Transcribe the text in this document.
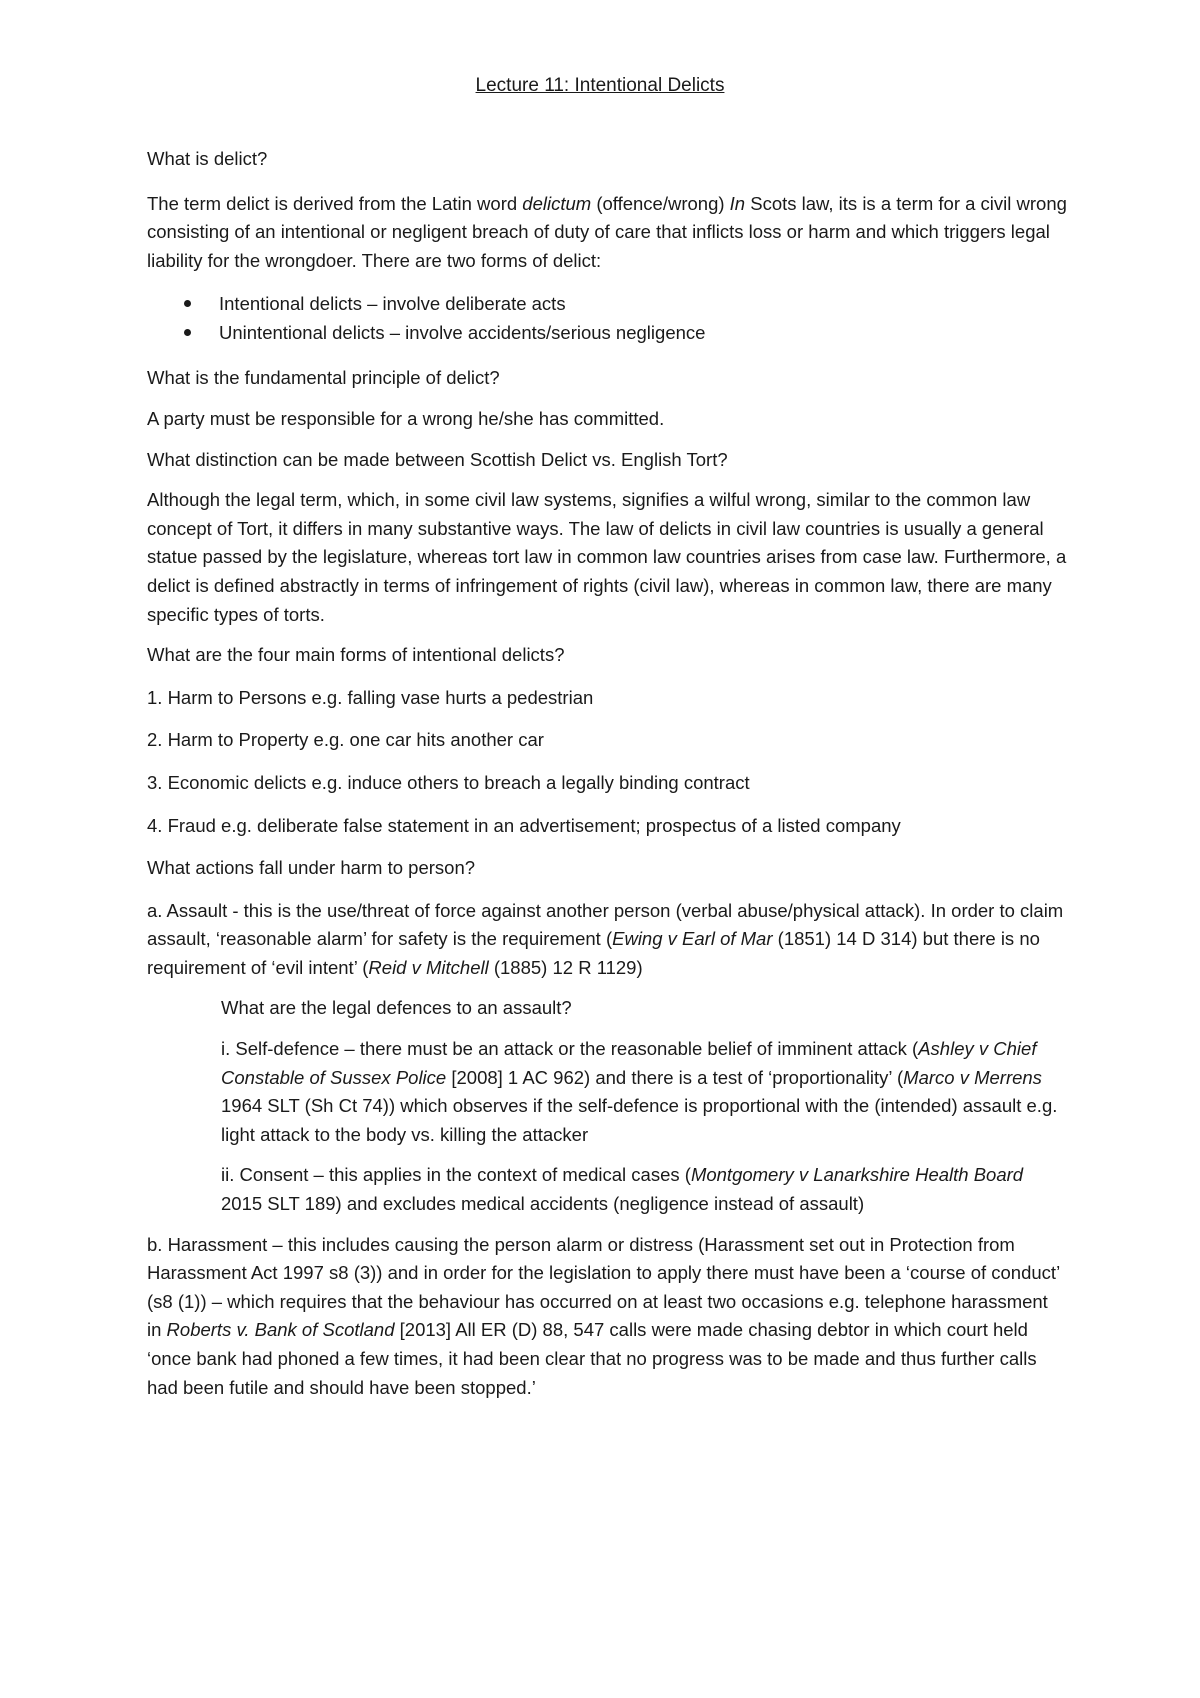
Lecture 11: Intentional Delicts

What is delict?

The term delict is derived from the Latin word delictum (offence/wrong) In Scots law, its is a term for a civil wrong consisting of an intentional or negligent breach of duty of care that inflicts loss or harm and which triggers legal liability for the wrongdoer. There are two forms of delict:

Intentional delicts – involve deliberate acts
Unintentional delicts – involve accidents/serious negligence

What is the fundamental principle of delict?

A party must be responsible for a wrong he/she has committed.

What distinction can be made between Scottish Delict vs. English Tort?

Although the legal term, which, in some civil law systems, signifies a wilful wrong, similar to the common law concept of Tort, it differs in many substantive ways. The law of delicts in civil law countries is usually a general statue passed by the legislature, whereas tort law in common law countries arises from case law. Furthermore, a delict is defined abstractly in terms of infringement of rights (civil law), whereas in common law, there are many specific types of torts.

What are the four main forms of intentional delicts?

1. Harm to Persons e.g. falling vase hurts a pedestrian

2. Harm to Property e.g. one car hits another car

3. Economic delicts e.g. induce others to breach a legally binding contract

4. Fraud e.g. deliberate false statement in an advertisement; prospectus of a listed company

What actions fall under harm to person?

a. Assault - this is the use/threat of force against another person (verbal abuse/physical attack). In order to claim assault, ‘reasonable alarm’ for safety is the requirement (Ewing v Earl of Mar (1851) 14 D 314) but there is no requirement of ‘evil intent’ (Reid v Mitchell (1885) 12 R 1129)

What are the legal defences to an assault?

i. Self-defence – there must be an attack or the reasonable belief of imminent attack (Ashley v Chief Constable of Sussex Police [2008] 1 AC 962) and there is a test of ‘proportionality’ (Marco v Merrens 1964 SLT (Sh Ct 74)) which observes if the self-defence is proportional with the (intended) assault e.g. light attack to the body vs. killing the attacker

ii. Consent – this applies in the context of medical cases (Montgomery v Lanarkshire Health Board 2015 SLT 189) and excludes medical accidents (negligence instead of assault)

b. Harassment – this includes causing the person alarm or distress (Harassment set out in Protection from Harassment Act 1997 s8 (3)) and in order for the legislation to apply there must have been a ‘course of conduct’ (s8 (1)) – which requires that the behaviour has occurred on at least two occasions e.g. telephone harassment in Roberts v. Bank of Scotland [2013] All ER (D) 88, 547 calls were made chasing debtor in which court held ‘once bank had phoned a few times, it had been clear that no progress was to be made and thus further calls had been futile and should have been stopped.’
